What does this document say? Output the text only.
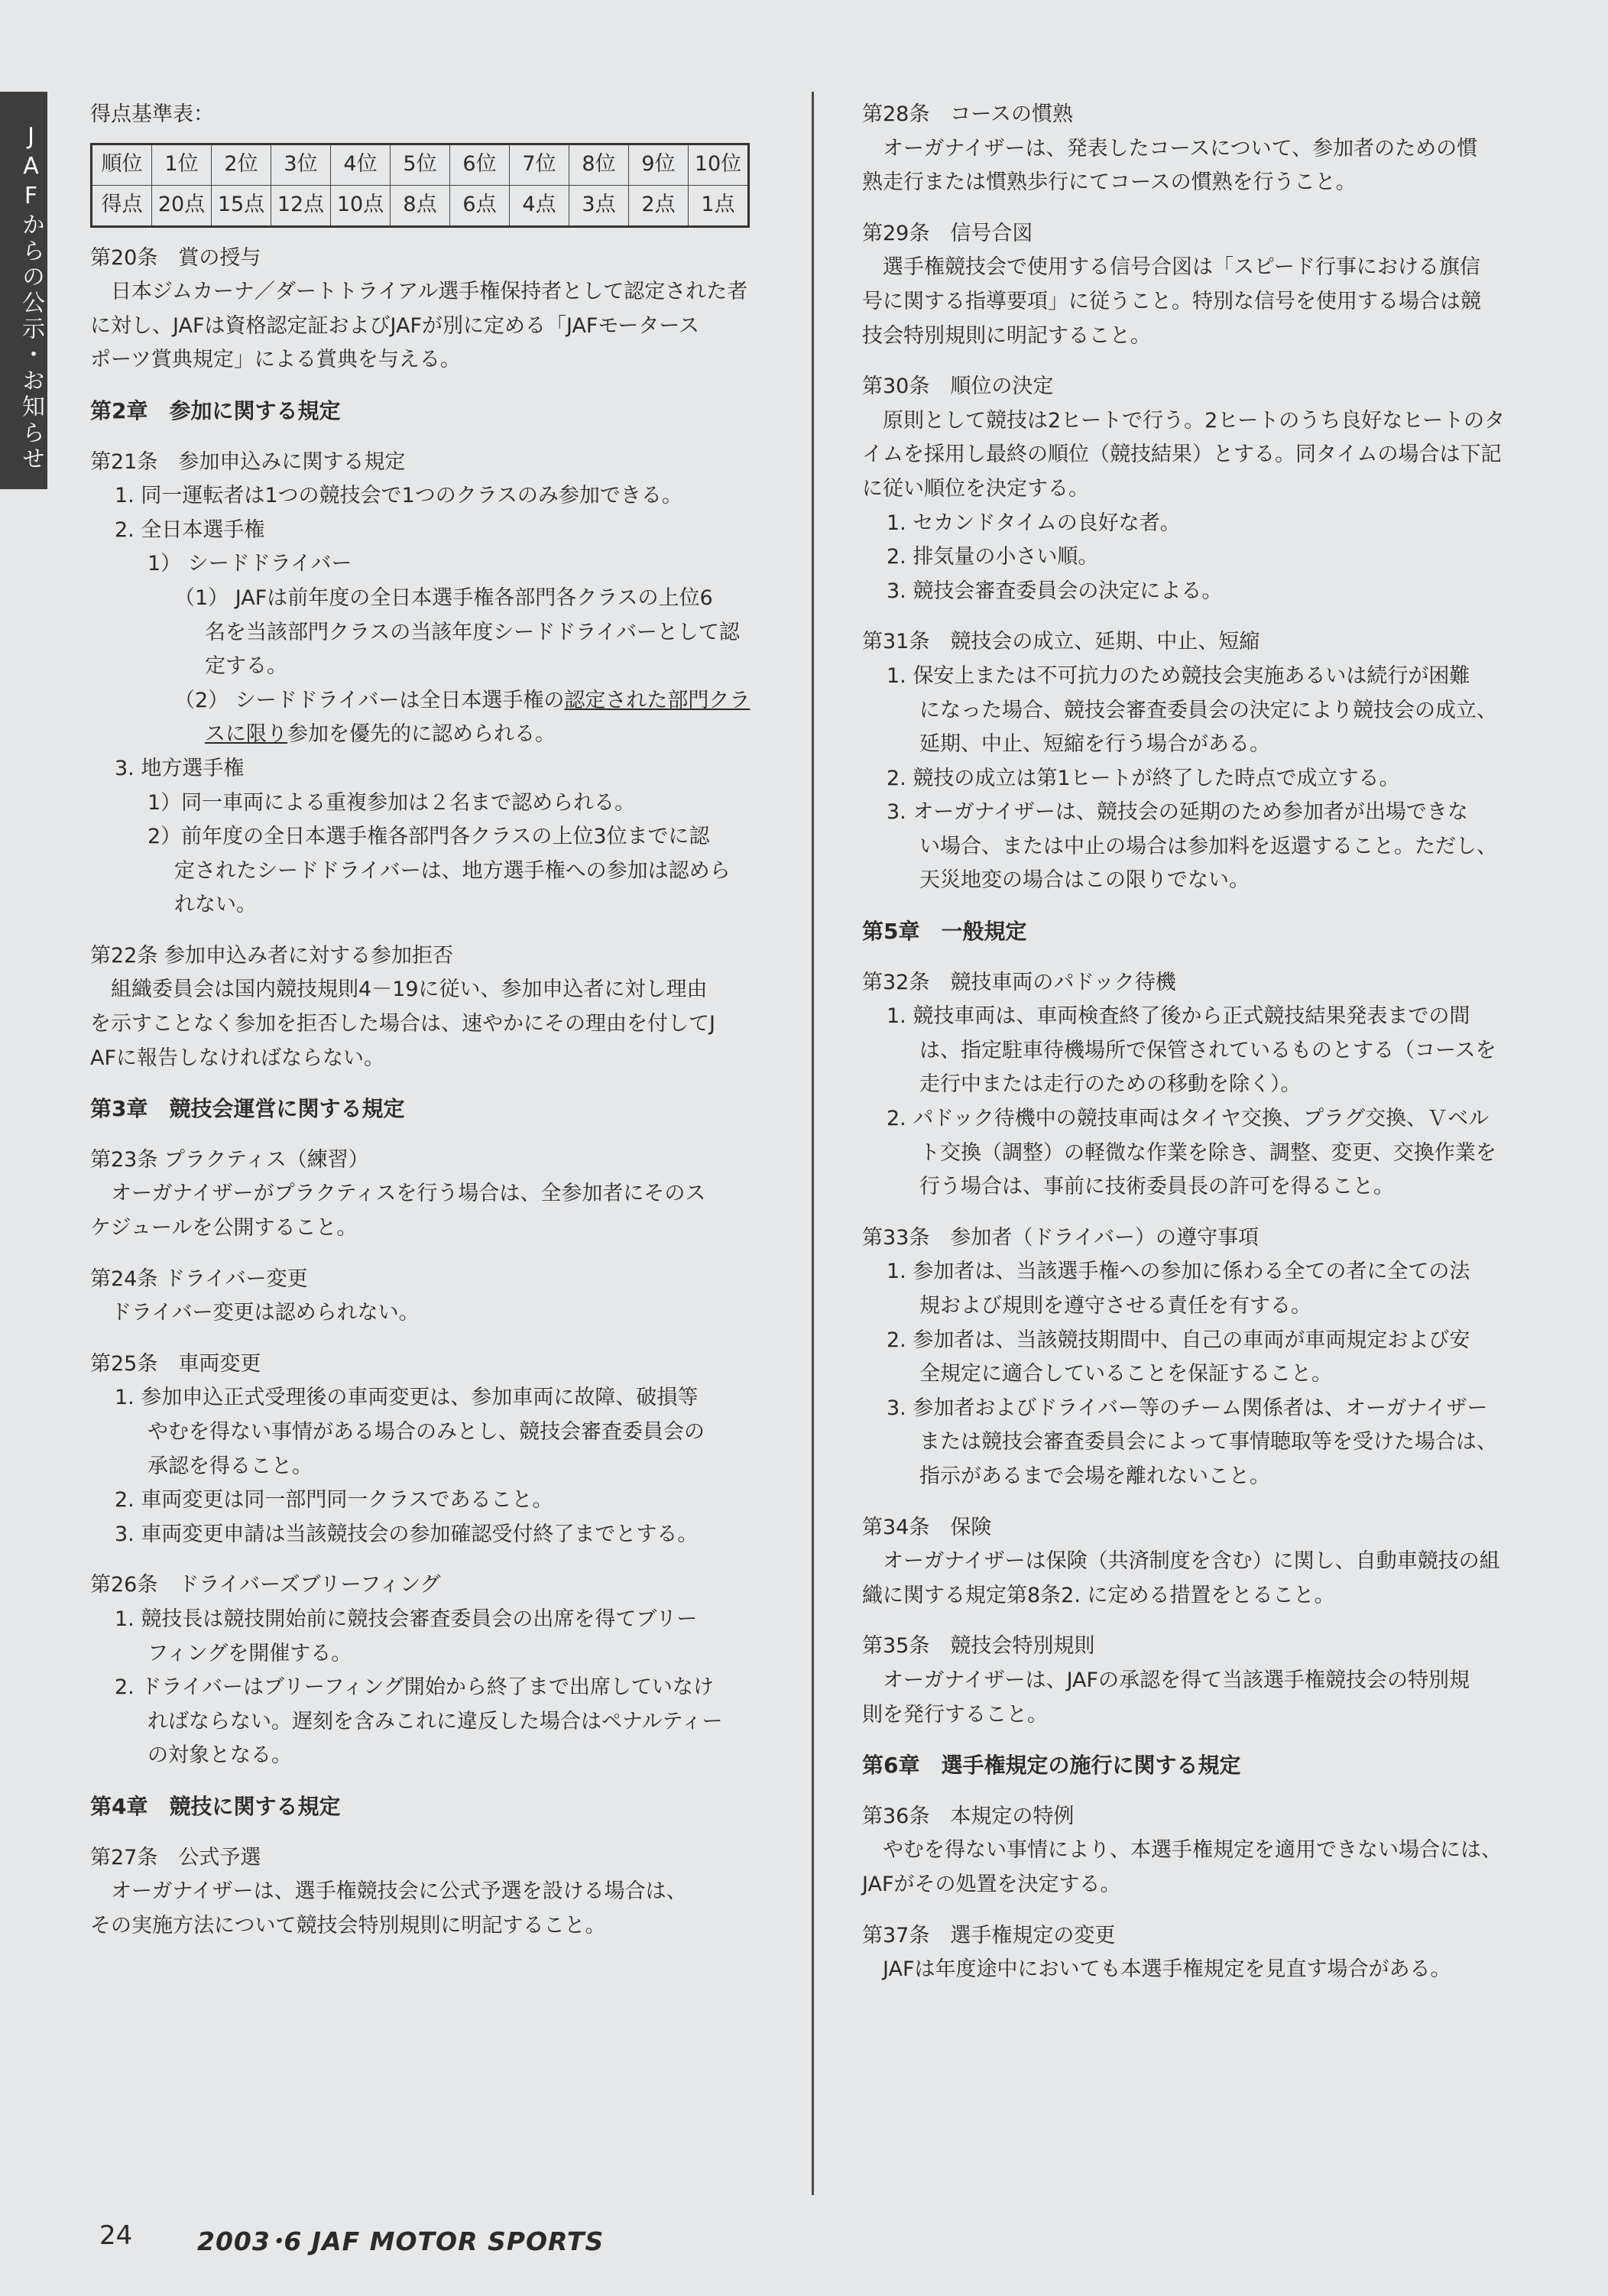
JAFからの公示・お知らせ
得点基準表：
順位	1位	2位	3位	4位	5位	6位	7位	8位	9位	10位
得点	20点	15点	12点	10点	8点	6点	4点	3点	2点	1点
第20条　賞の授与
　日本ジムカーナ／ダートトライアル選手権保持者として認定された者
に対し、JAFは資格認定証およびJAFが別に定める「JAFモータース
ポーツ賞典規定」による賞典を与える。
第2章　参加に関する規定
第21条　参加申込みに関する規定
1. 同一運転者は1つの競技会で1つのクラスのみ参加できる。
2. 全日本選手権
1） シードドライバー
（1） JAFは前年度の全日本選手権各部門各クラスの上位6
名を当該部門クラスの当該年度シードドライバーとして認
定する。
（2） シードドライバーは全日本選手権の認定された部門クラ
スに限り参加を優先的に認められる。
3. 地方選手権
1）同一車両による重複参加は２名まで認められる。
2）前年度の全日本選手権各部門各クラスの上位3位までに認
定されたシードドライバーは、地方選手権への参加は認めら
れない。
第22条 参加申込み者に対する参加拒否
　組織委員会は国内競技規則4－19に従い、参加申込者に対し理由
を示すことなく参加を拒否した場合は、速やかにその理由を付してJ
AFに報告しなければならない。
第3章　競技会運営に関する規定
第23条 プラクティス（練習）
　オーガナイザーがプラクティスを行う場合は、全参加者にそのス
ケジュールを公開すること。
第24条 ドライバー変更
　ドライバー変更は認められない。
第25条　車両変更
1. 参加申込正式受理後の車両変更は、参加車両に故障、破損等
やむを得ない事情がある場合のみとし、競技会審査委員会の
承認を得ること。
2. 車両変更は同一部門同一クラスであること。
3. 車両変更申請は当該競技会の参加確認受付終了までとする。
第26条　ドライバーズブリーフィング
1. 競技長は競技開始前に競技会審査委員会の出席を得てブリー
フィングを開催する。
2. ドライバーはブリーフィング開始から終了まで出席していなけ
ればならない。遅刻を含みこれに違反した場合はペナルティー
の対象となる。
第4章　競技に関する規定
第27条　公式予選
　オーガナイザーは、選手権競技会に公式予選を設ける場合は、
その実施方法について競技会特別規則に明記すること。
第28条　コースの慣熟
　オーガナイザーは、発表したコースについて、参加者のための慣
熟走行または慣熟歩行にてコースの慣熟を行うこと。
第29条　信号合図
　選手権競技会で使用する信号合図は「スピード行事における旗信
号に関する指導要項」に従うこと。特別な信号を使用する場合は競
技会特別規則に明記すること。
第30条　順位の決定
　原則として競技は2ヒートで行う。2ヒートのうち良好なヒートのタ
イムを採用し最終の順位（競技結果）とする。同タイムの場合は下記
に従い順位を決定する。
1. セカンドタイムの良好な者。
2. 排気量の小さい順。
3. 競技会審査委員会の決定による。
第31条　競技会の成立、延期、中止、短縮
1. 保安上または不可抗力のため競技会実施あるいは続行が困難
になった場合、競技会審査委員会の決定により競技会の成立、
延期、中止、短縮を行う場合がある。
2. 競技の成立は第1ヒートが終了した時点で成立する。
3. オーガナイザーは、競技会の延期のため参加者が出場できな
い場合、または中止の場合は参加料を返還すること。ただし、
天災地変の場合はこの限りでない。
第5章　一般規定
第32条　競技車両のパドック待機
1. 競技車両は、車両検査終了後から正式競技結果発表までの間
は、指定駐車待機場所で保管されているものとする（コースを
走行中または走行のための移動を除く）。
2. パドック待機中の競技車両はタイヤ交換、プラグ交換、Ｖベル
ト交換（調整）の軽微な作業を除き、調整、変更、交換作業を
行う場合は、事前に技術委員長の許可を得ること。
第33条　参加者（ドライバー）の遵守事項
1. 参加者は、当該選手権への参加に係わる全ての者に全ての法
規および規則を遵守させる責任を有する。
2. 参加者は、当該競技期間中、自己の車両が車両規定および安
全規定に適合していることを保証すること。
3. 参加者およびドライバー等のチーム関係者は、オーガナイザー
または競技会審査委員会によって事情聴取等を受けた場合は、
指示があるまで会場を離れないこと。
第34条　保険
　オーガナイザーは保険（共済制度を含む）に関し、自動車競技の組
織に関する規定第8条2. に定める措置をとること。
第35条　競技会特別規則
　オーガナイザーは、JAFの承認を得て当該選手権競技会の特別規
則を発行すること。
第6章　選手権規定の施行に関する規定
第36条　本規定の特例
　やむを得ない事情により、本選手権規定を適用できない場合には、
JAFがその処置を決定する。
第37条　選手権規定の変更
　JAFは年度途中においても本選手権規定を見直す場合がある。
24	2003･6 JAF MOTOR SPORTS
